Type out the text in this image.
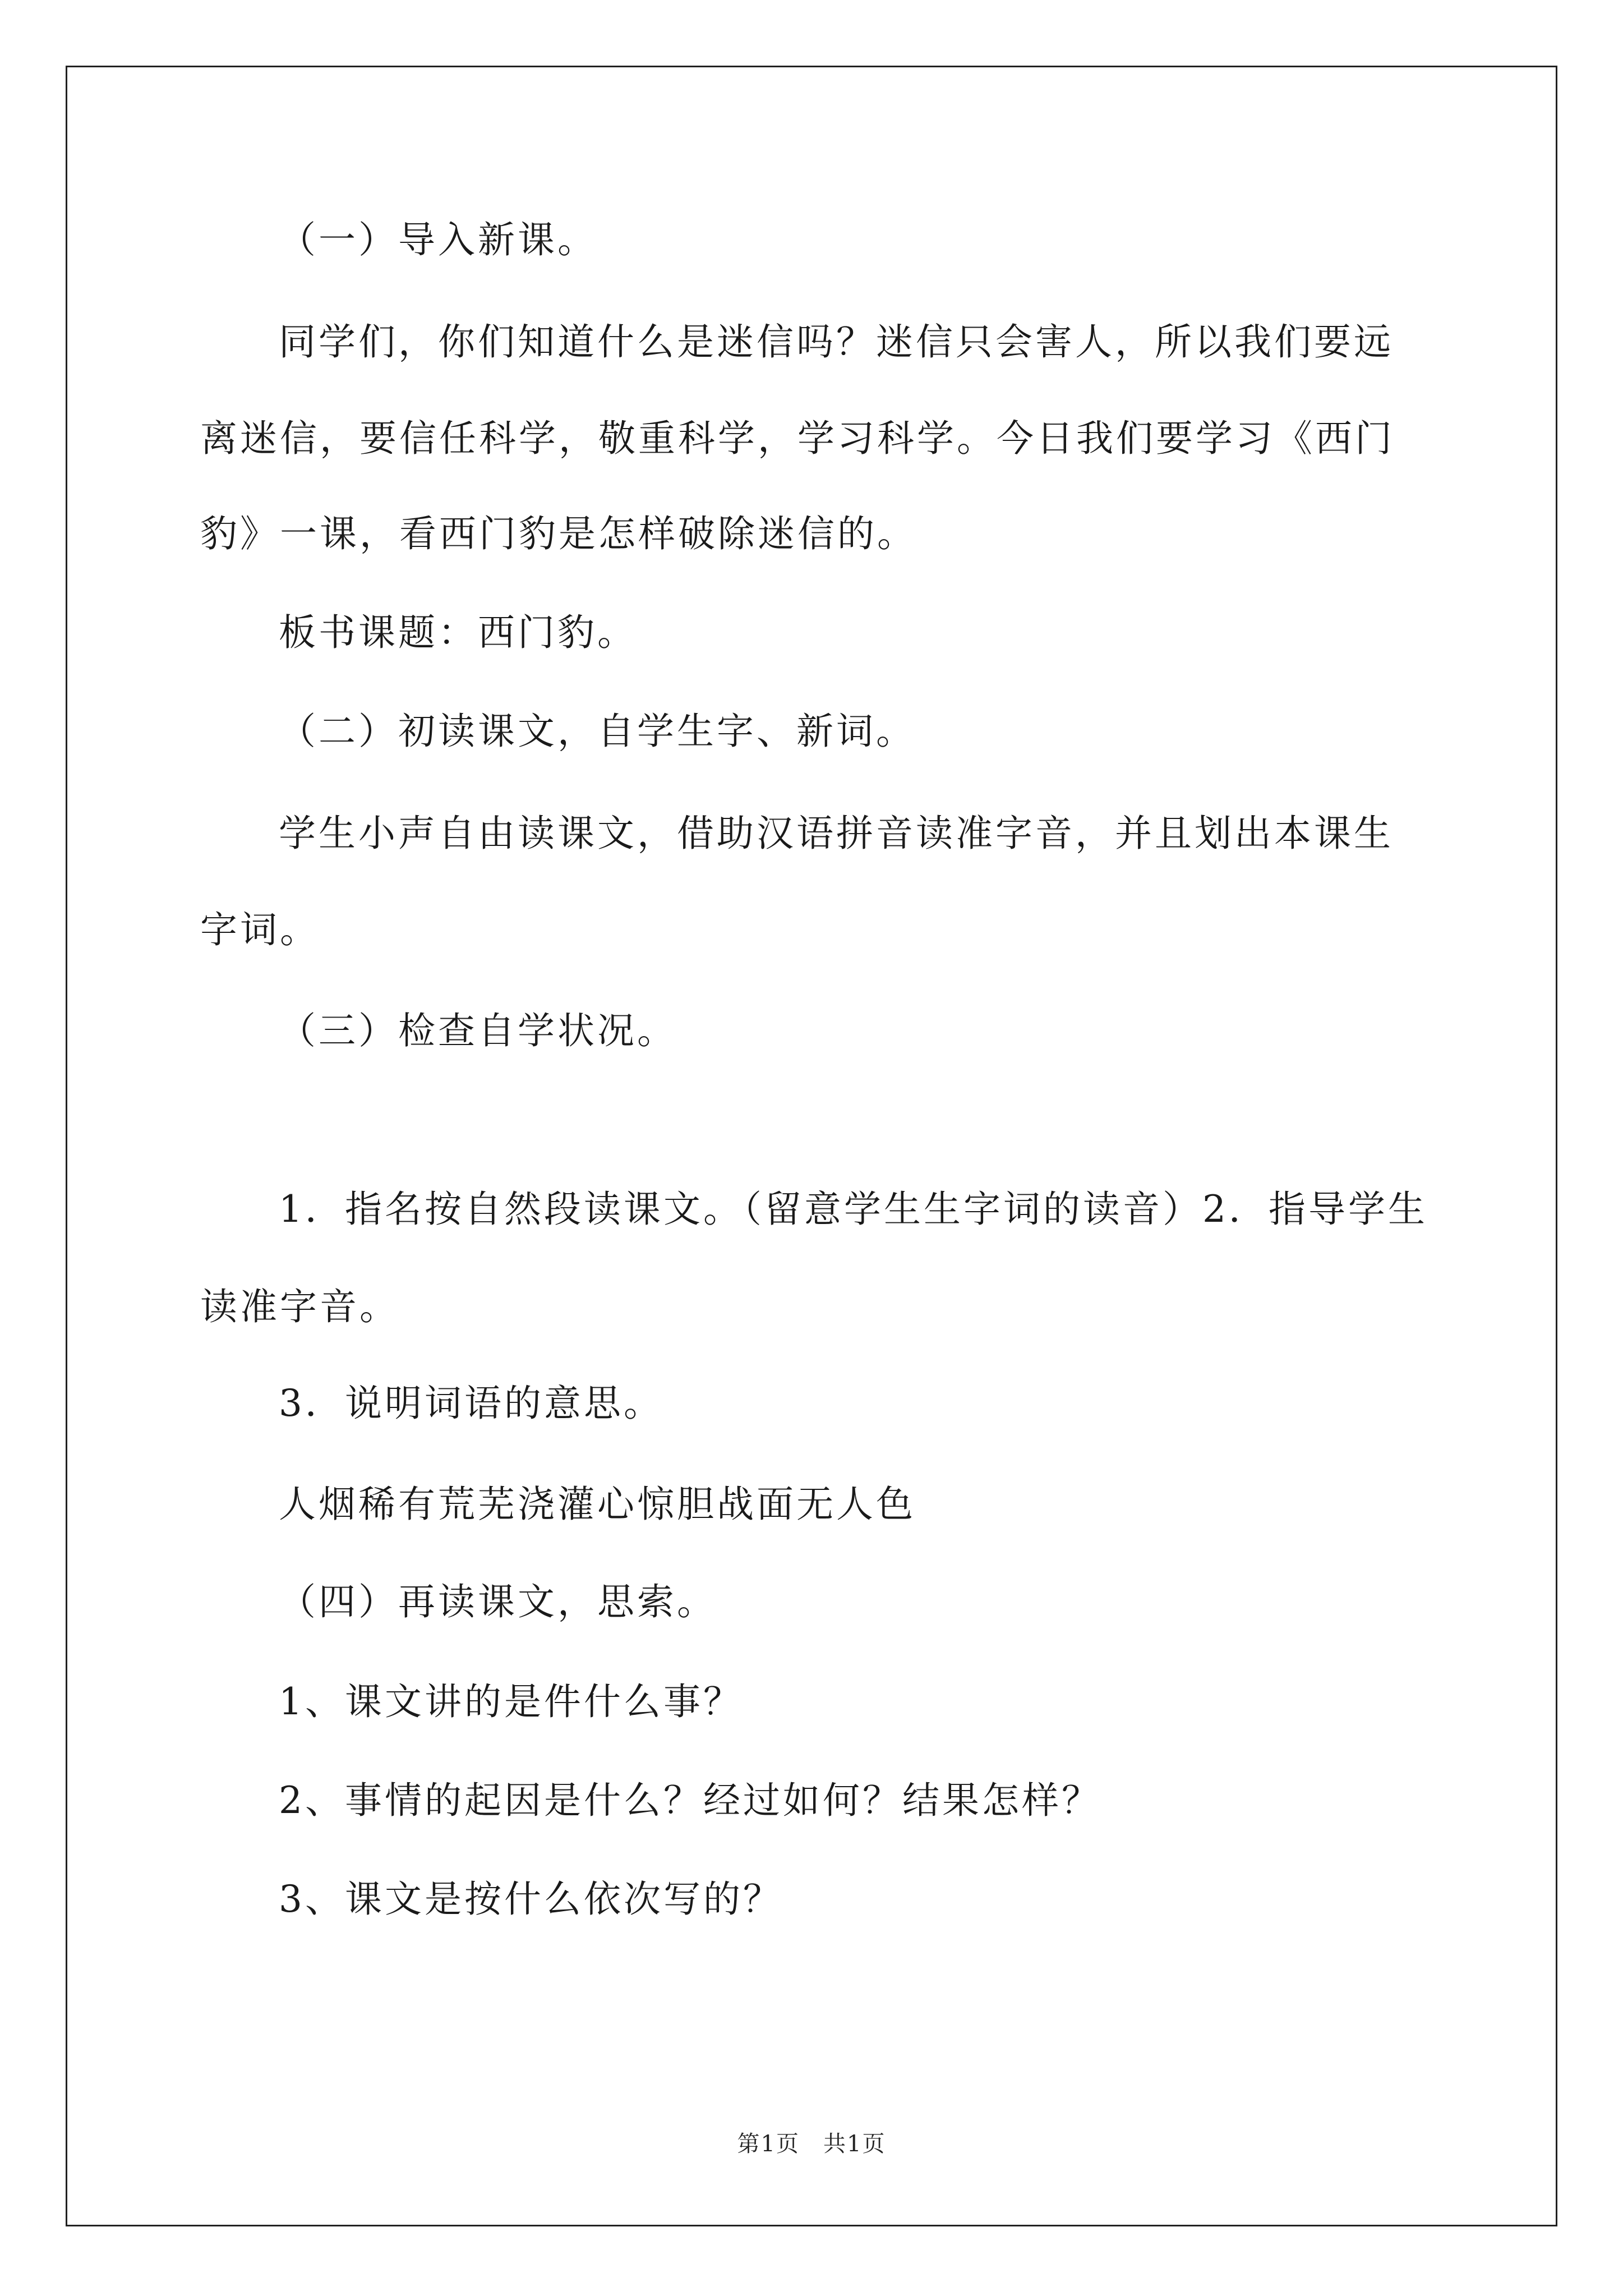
（一）导入新课。
同学们，你们知道什么是迷信吗？迷信只会害人，所以我们要远
离迷信，要信任科学，敬重科学，学习科学。今日我们要学习《西门
豹》一课，看西门豹是怎样破除迷信的。
板书课题：西门豹。
（二）初读课文，自学生字、新词。
学生小声自由读课文，借助汉语拼音读准字音，并且划出本课生
字词。
（三）检查自学状况。
1．指名按自然段读课文。（留意学生生字词的读音）2．指导学生
读准字音。
3．说明词语的意思。
人烟稀有荒芜浇灌心惊胆战面无人色
（四）再读课文，思索。
1、课文讲的是件什么事？
2、事情的起因是什么？经过如何？结果怎样？
3、课文是按什么依次写的？
第1页　共1页
